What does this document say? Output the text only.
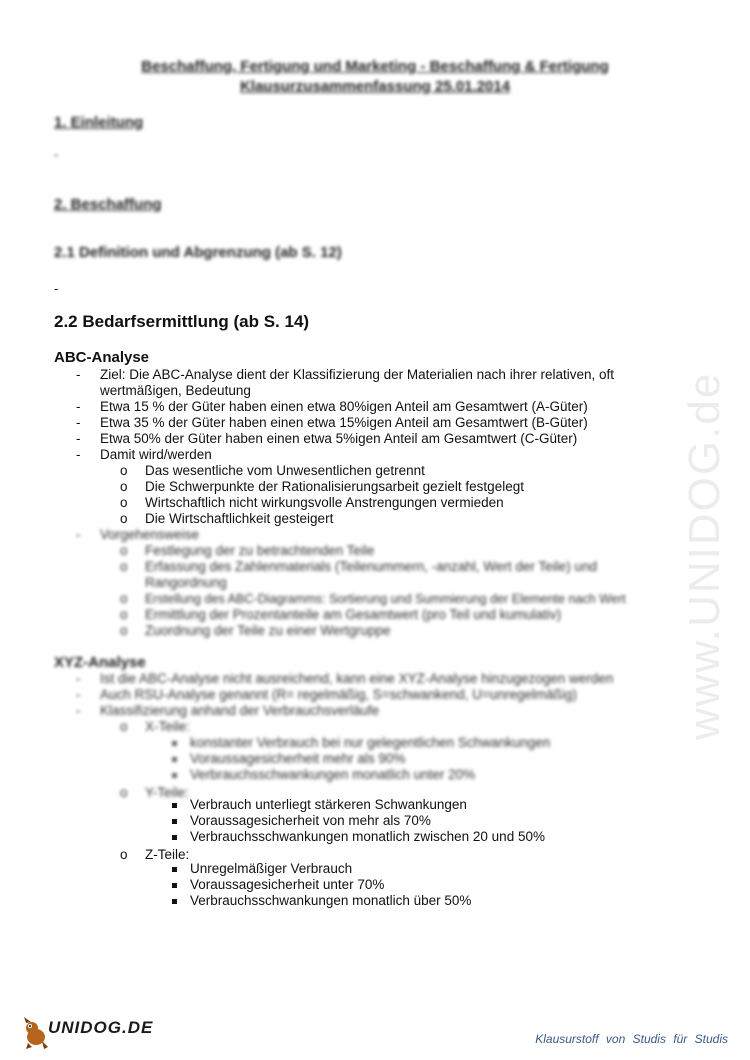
www.UNIDOG.de
Beschaffung, Fertigung und Marketing - Beschaffung & Fertigung
Klausurzusammenfassung 25.01.2014
1. Einleitung
-
2. Beschaffung
2.1 Definition und Abgrenzung (ab S. 12)
-
2.2 Bedarfsermittlung (ab S. 14)
ABC-Analyse
- Ziel: Die ABC-Analyse dient der Klassifizierung der Materialien nach ihrer relativen, oft
wertmäßigen, Bedeutung
- Etwa 15 % der Güter haben einen etwa 80%igen Anteil am Gesamtwert (A-Güter)
- Etwa 35 % der Güter haben einen etwa 15%igen Anteil am Gesamtwert (B-Güter)
- Etwa 50% der Güter haben einen etwa 5%igen Anteil am Gesamtwert (C-Güter)
- Damit wird/werden
o Das wesentliche vom Unwesentlichen getrennt
o Die Schwerpunkte der Rationalisierungsarbeit gezielt festgelegt
o Wirtschaftlich nicht wirkungsvolle Anstrengungen vermieden
o Die Wirtschaftlichkeit gesteigert
- Vorgehensweise
o Festlegung der zu betrachtenden Teile
o Erfassung des Zahlenmaterials (Teilenummern, -anzahl, Wert der Teile) und
Rangordnung
o Erstellung des ABC-Diagramms: Sortierung und Summierung der Elemente nach Wert
o Ermittlung der Prozentanteile am Gesamtwert (pro Teil und kumulativ)
o Zuordnung der Teile zu einer Wertgruppe
XYZ-Analyse
- Ist die ABC-Analyse nicht ausreichend, kann eine XYZ-Analyse hinzugezogen werden
- Auch RSU-Analyse genannt (R= regelmäßig, S=schwankend, U=unregelmäßig)
- Klassifizierung anhand der Verbrauchsverläufe
o X-Teile:
konstanter Verbrauch bei nur gelegentlichen Schwankungen
Voraussagesicherheit mehr als 90%
Verbrauchsschwankungen monatlich unter 20%
o Y-Teile:
Verbrauch unterliegt stärkeren Schwankungen
Voraussagesicherheit von mehr als 70%
Verbrauchsschwankungen monatlich zwischen 20 und 50%
o Z-Teile:
Unregelmäßiger Verbrauch
Voraussagesicherheit unter 70%
Verbrauchsschwankungen monatlich über 50%
UNIDOG.DE
Klausurstoff von Studis für Studis
